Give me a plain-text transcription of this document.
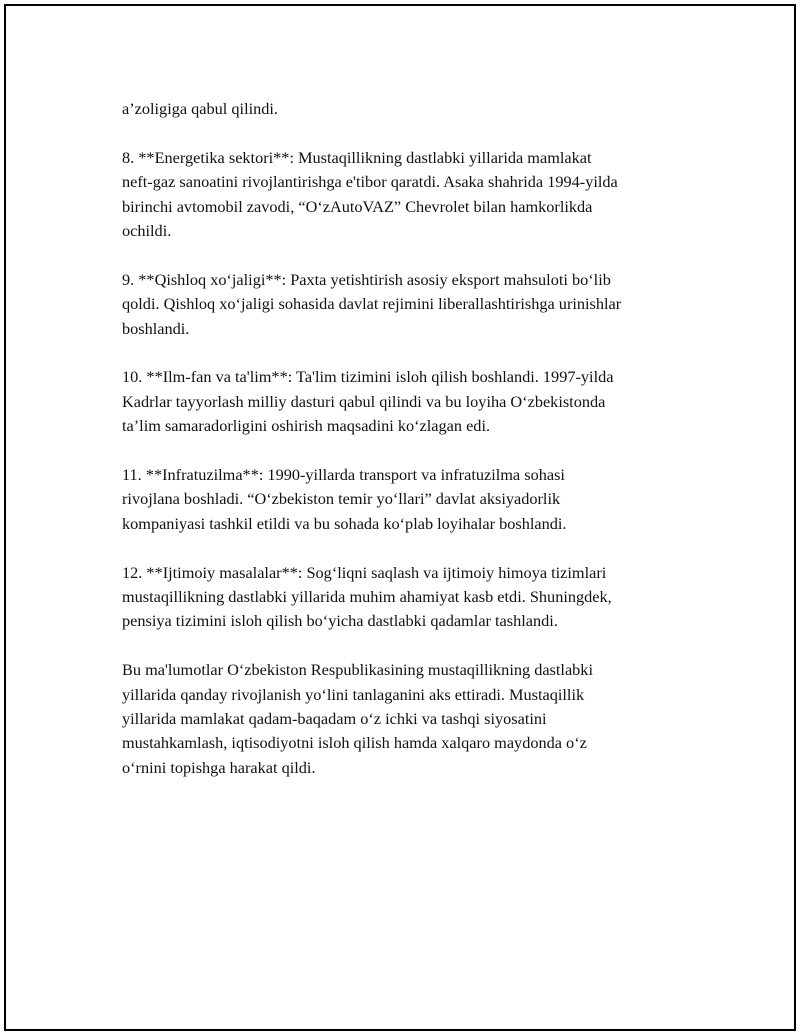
a’zoligiga qabul qilindi.

8. **Energetika sektori**: Mustaqillikning dastlabki yillarida mamlakat
neft-gaz sanoatini rivojlantirishga e'tibor qaratdi. Asaka shahrida 1994-yilda
birinchi avtomobil zavodi, “O‘zAutoVAZ” Chevrolet bilan hamkorlikda
ochildi.

9. **Qishloq xo‘jaligi**: Paxta yetishtirish asosiy eksport mahsuloti bo‘lib
qoldi. Qishloq xo‘jaligi sohasida davlat rejimini liberallashtirishga urinishlar
boshlandi.

10. **Ilm-fan va ta'lim**: Ta'lim tizimini isloh qilish boshlandi. 1997-yilda
Kadrlar tayyorlash milliy dasturi qabul qilindi va bu loyiha O‘zbekistonda
ta’lim samaradorligini oshirish maqsadini ko‘zlagan edi.

11. **Infratuzilma**: 1990-yillarda transport va infratuzilma sohasi
rivojlana boshladi. “O‘zbekiston temir yo‘llari” davlat aksiyadorlik
kompaniyasi tashkil etildi va bu sohada ko‘plab loyihalar boshlandi.

12. **Ijtimoiy masalalar**: Sog‘liqni saqlash va ijtimoiy himoya tizimlari
mustaqillikning dastlabki yillarida muhim ahamiyat kasb etdi. Shuningdek,
pensiya tizimini isloh qilish bo‘yicha dastlabki qadamlar tashlandi.

Bu ma'lumotlar O‘zbekiston Respublikasining mustaqillikning dastlabki
yillarida qanday rivojlanish yo‘lini tanlaganini aks ettiradi. Mustaqillik
yillarida mamlakat qadam-baqadam o‘z ichki va tashqi siyosatini
mustahkamlash, iqtisodiyotni isloh qilish hamda xalqaro maydonda o‘z
o‘rnini topishga harakat qildi.
